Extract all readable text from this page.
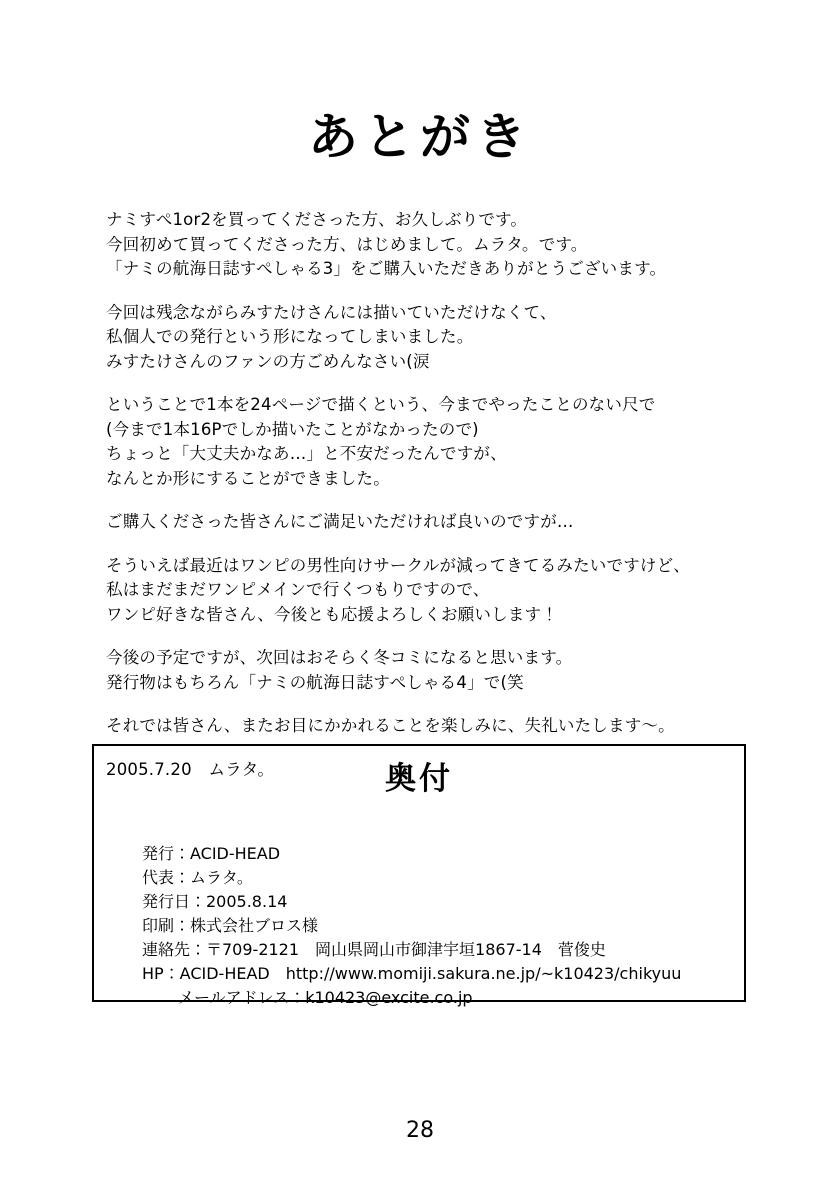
あとがき

ナミすぺ1or2を買ってくださった方、お久しぶりです。
今回初めて買ってくださった方、はじめまして。ムラタ。です。
「ナミの航海日誌すぺしゃる3」をご購入いただきありがとうございます。

今回は残念ながらみすたけさんには描いていただけなくて、
私個人での発行という形になってしまいました。
みすたけさんのファンの方ごめんなさい(涙

ということで1本を24ページで描くという、今までやったことのない尺で
(今まで1本16Pでしか描いたことがなかったので)
ちょっと「大丈夫かなあ…」と不安だったんですが、
なんとか形にすることができました。

ご購入くださった皆さんにご満足いただければ良いのですが…

そういえば最近はワンピの男性向けサークルが減ってきてるみたいですけど、
私はまだまだワンピメインで行くつもりですので、
ワンピ好きな皆さん、今後とも応援よろしくお願いします！

今後の予定ですが、次回はおそらく冬コミになると思います。
発行物はもちろん「ナミの航海日誌すぺしゃる4」で(笑

それでは皆さん、またお目にかかれることを楽しみに、失礼いたします～。

2005.7.20　ムラタ。	奥付
発行：ACID-HEAD
代表：ムラタ。
発行日：2005.8.14
印刷：株式会社ブロス様
連絡先：〒709-2121　岡山県岡山市御津宇垣1867-14　菅俊史
HP：ACID-HEAD　http://www.momiji.sakura.ne.jp/~k10423/chikyuu
メールアドレス：k10423@excite.co.jp
28
